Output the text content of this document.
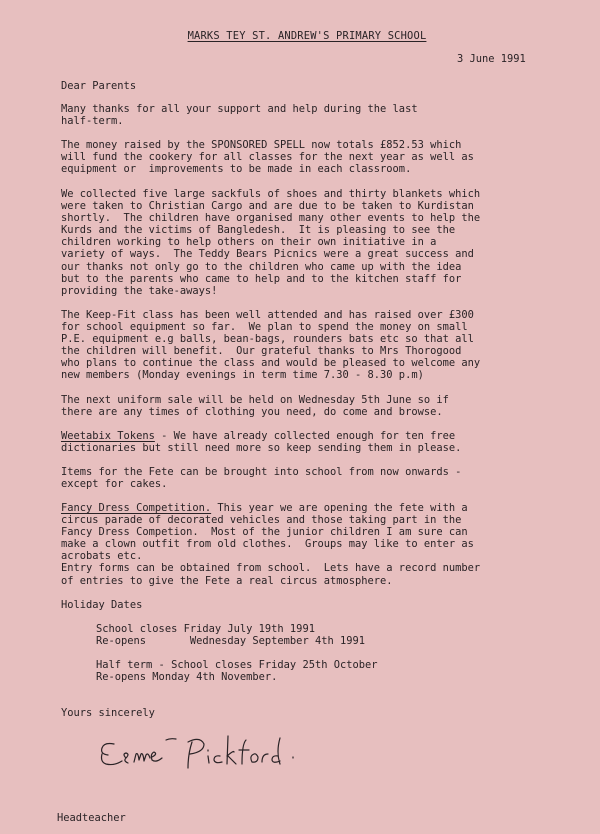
MARKS TEY ST. ANDREW'S PRIMARY SCHOOL
3 June 1991
Dear Parents
Many thanks for all your support and help during the last
half-term.
The money raised by the SPONSORED SPELL now totals £852.53 which
will fund the cookery for all classes for the next year as well as
equipment or  improvements to be made in each classroom.
We collected five large sackfuls of shoes and thirty blankets which
were taken to Christian Cargo and are due to be taken to Kurdistan
shortly.  The children have organised many other events to help the
Kurds and the victims of Bangledesh.  It is pleasing to see the
children working to help others on their own initiative in a
variety of ways.  The Teddy Bears Picnics were a great success and
our thanks not only go to the children who came up with the idea
but to the parents who came to help and to the kitchen staff for
providing the take-aways!
The Keep-Fit class has been well attended and has raised over £300
for school equipment so far.  We plan to spend the money on small
P.E. equipment e.g balls, bean-bags, rounders bats etc so that all
the children will benefit.  Our grateful thanks to Mrs Thorogood
who plans to continue the class and would be pleased to welcome any
new members (Monday evenings in term time 7.30 - 8.30 p.m)
The next uniform sale will be held on Wednesday 5th June so if
there are any times of clothing you need, do come and browse.
Weetabix Tokens - We have already collected enough for ten free
dictionaries but still need more so keep sending them in please.
Items for the Fete can be brought into school from now onwards -
except for cakes.
Fancy Dress Competition. This year we are opening the fete with a
circus parade of decorated vehicles and those taking part in the
Fancy Dress Competion.  Most of the junior children I am sure can
make a clown outfit from old clothes.  Groups may like to enter as
acrobats etc.
Entry forms can be obtained from school.  Lets have a record number
of entries to give the Fete a real circus atmosphere.
Holiday Dates
School closes Friday July 19th 1991
Re-opens       Wednesday September 4th 1991
Half term - School closes Friday 25th October
Re-opens Monday 4th November.
Yours sincerely
Headteacher
